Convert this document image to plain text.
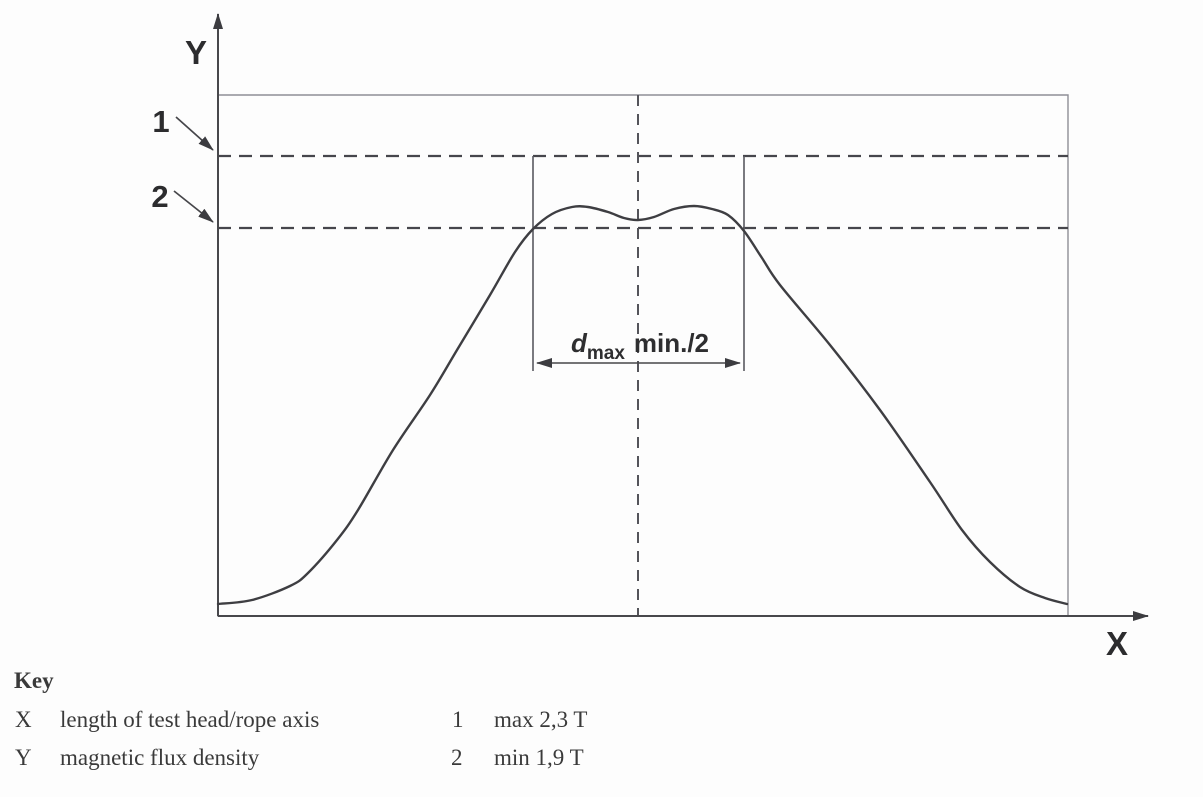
Y
X
1
2
$d_{max}$ min./2
Key
X length of test head/rope axis	1 max 2,3 T
Y magnetic flux density	2 min 1,9 T
